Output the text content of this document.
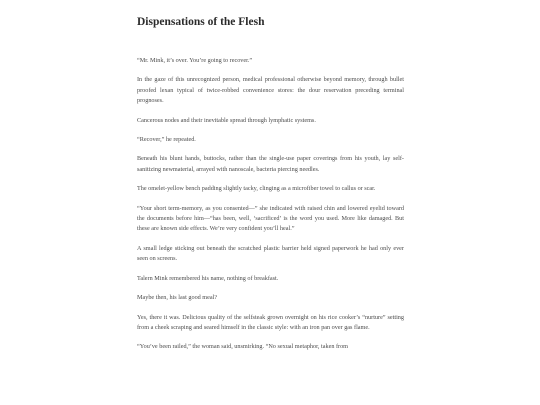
Dispensations of the Flesh

“Mr. Mink, it’s over. You’re going to recover.”

In the gaze of this unrecognized person, medical professional otherwise beyond memory, through bullet proofed lexan typical of twice-robbed convenience stores: the dour reservation preceding terminal prognoses.

Cancerous nodes and their inevitable spread through lymphatic systems.

“Recover,” he repeated.

Beneath his blunt hands, buttocks, rather than the single-use paper coverings from his youth, lay self-sanitizing newmaterial, arrayed with nanoscale, bacteria piercing needles.

The omelet-yellow bench padding slightly tacky, clinging as a microfiber towel to callus or scar.

“Your short term-memory, as you consented—” she indicated with raised chin and lowered eyelid toward the documents before him—“has been, well, ‘sacrificed’ is the word you used. More like damaged. But these are known side effects. We’re very confident you’ll heal.”

A small ledge sticking out beneath the scratched plastic barrier held signed paperwork he had only ever seen on screens.

Talern Mink remembered his name, nothing of breakfast.

Maybe then, his last good meal?

Yes, there it was. Delicious quality of the selfsteak grown overnight on his rice cooker’s “nurture” setting from a cheek scraping and seared himself in the classic style: with an iron pan over gas flame.

“You’ve been railed,” the woman said, unsmirking. “No sexual metaphor, taken from
